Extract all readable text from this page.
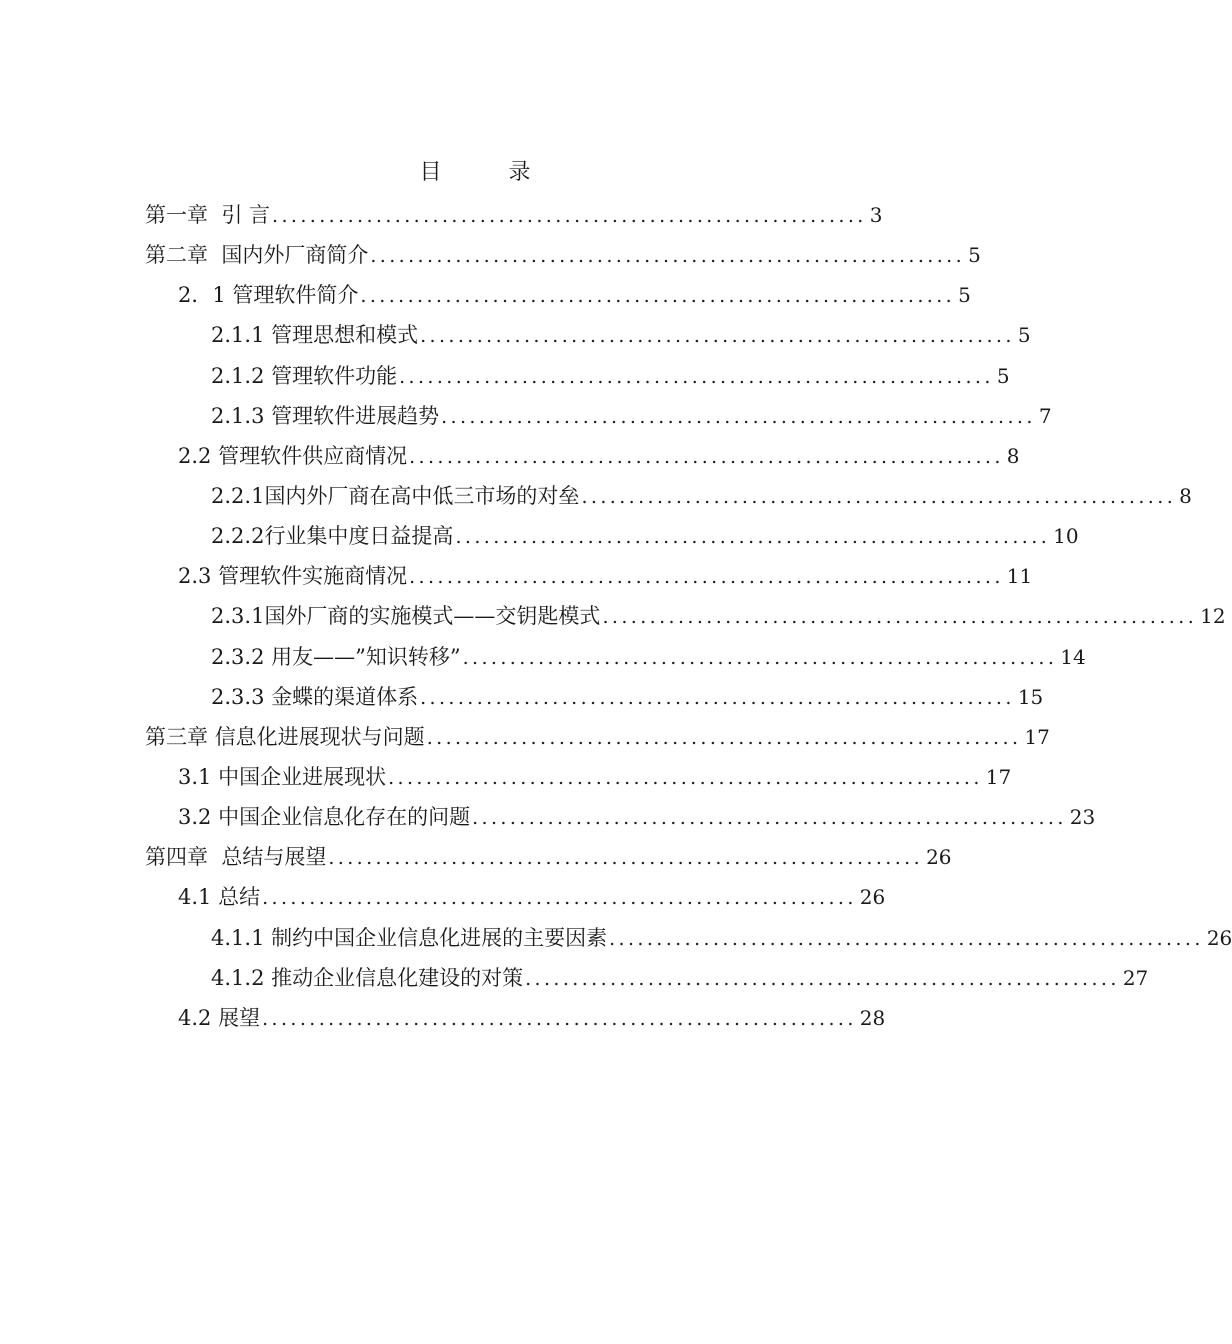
目 录
第一章 引 言 ............................................................... 3
第二章 国内外厂商简介 ............................................................... 5
2．1 管理软件简介 ............................................................... 5
2.1.1 管理思想和模式 ............................................................... 5
2.1.2 管理软件功能 ............................................................... 5
2.1.3 管理软件进展趋势 ............................................................... 7
2.2 管理软件供应商情况 ............................................................... 8
2.2.1 国内外厂商在高中低三市场的对垒 ............................................................... 8
2.2.2 行业集中度日益提高 ............................................................... 10
2.3 管理软件实施商情况 ............................................................... 11
2.3.1 国外厂商的实施模式——交钥匙模式 ............................................................... 12
2.3.2 用友——”知识转移” ............................................................... 14
2.3.3 金蝶的渠道体系 ............................................................... 15
第三章 信息化进展现状与问题 ............................................................... 17
3.1 中国企业进展现状 ............................................................... 17
3.2 中国企业信息化存在的问题 ............................................................... 23
第四章 总结与展望 ............................................................... 26
4.1 总结 ............................................................... 26
4.1.1 制约中国企业信息化进展的主要因素 ............................................................... 26
4.1.2 推动企业信息化建设的对策 ............................................................... 27
4.2 展望 ............................................................... 28
